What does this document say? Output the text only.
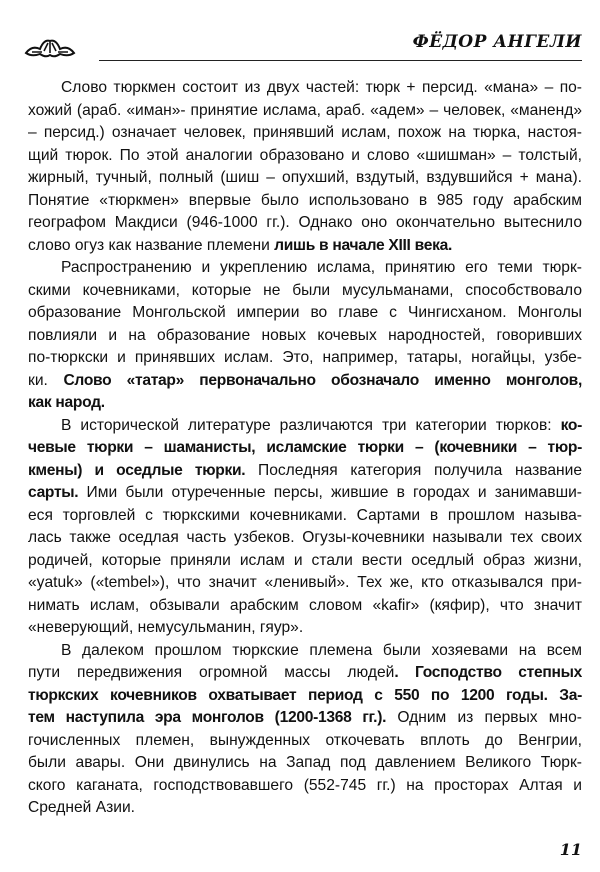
ФЁДОР АНГЕЛИ
Слово тюркмен состоит из двух частей: тюрк + персид. «мана» – по-
хожий (араб. «иман»- принятие ислама, араб. «адем» – человек, «маненд»
– персид.) означает человек, принявший ислам, похож на тюрка, настоя-
щий тюрок. По этой аналогии образовано и слово «шишман» – толстый,
жирный, тучный, полный (шиш – опухший, вздутый, вздувшийся + мана).
Понятие «тюркмен» впервые было использовано в 985 году арабским
географом Макдиси (946-1000 гг.). Однако оно окончательно вытеснило
слово огуз как название племени лишь в начале XIII века.
Распространению и укреплению ислама, принятию его теми тюрк-
скими кочевниками, которые не были мусульманами, способствовало
образование Монгольской империи во главе с Чингисханом. Монголы
повлияли и на образование новых кочевых народностей, говоривших
по-тюркски и принявших ислам. Это, например, татары, ногайцы, узбе-
ки. Слово «татар» первоначально обозначало именно монголов,
как народ.
В исторической литературе различаются три категории тюрков: ко-
чевые тюрки – шаманисты, исламские тюрки – (кочевники – тюр-
кмены) и оседлые тюрки. Последняя категория получила название
сарты. Ими были отуреченные персы, жившие в городах и занимавши-
еся торговлей с тюркскими кочевниками. Сартами в прошлом называ-
лась также оседлая часть узбеков. Огузы-кочевники называли тех своих
родичей, которые приняли ислам и стали вести оседлый образ жизни,
«yatuk» («tembel»), что значит «ленивый». Тех же, кто отказывался при-
нимать ислам, обзывали арабским словом «kafir» (кяфир), что значит
«неверующий, немусульманин, гяур».
В далеком прошлом тюркские племена были хозяевами на всем
пути передвижения огромной массы людей. Господство степных
тюркских кочевников охватывает период с 550 по 1200 годы. За-
тем наступила эра монголов (1200-1368 гг.). Одним из первых мно-
гочисленных племен, вынужденных откочевать вплоть до Венгрии,
были авары. Они двинулись на Запад под давлением Великого Тюрк-
ского каганата, господствовавшего (552-745 гг.) на просторах Алтая и
Средней Азии.
11
